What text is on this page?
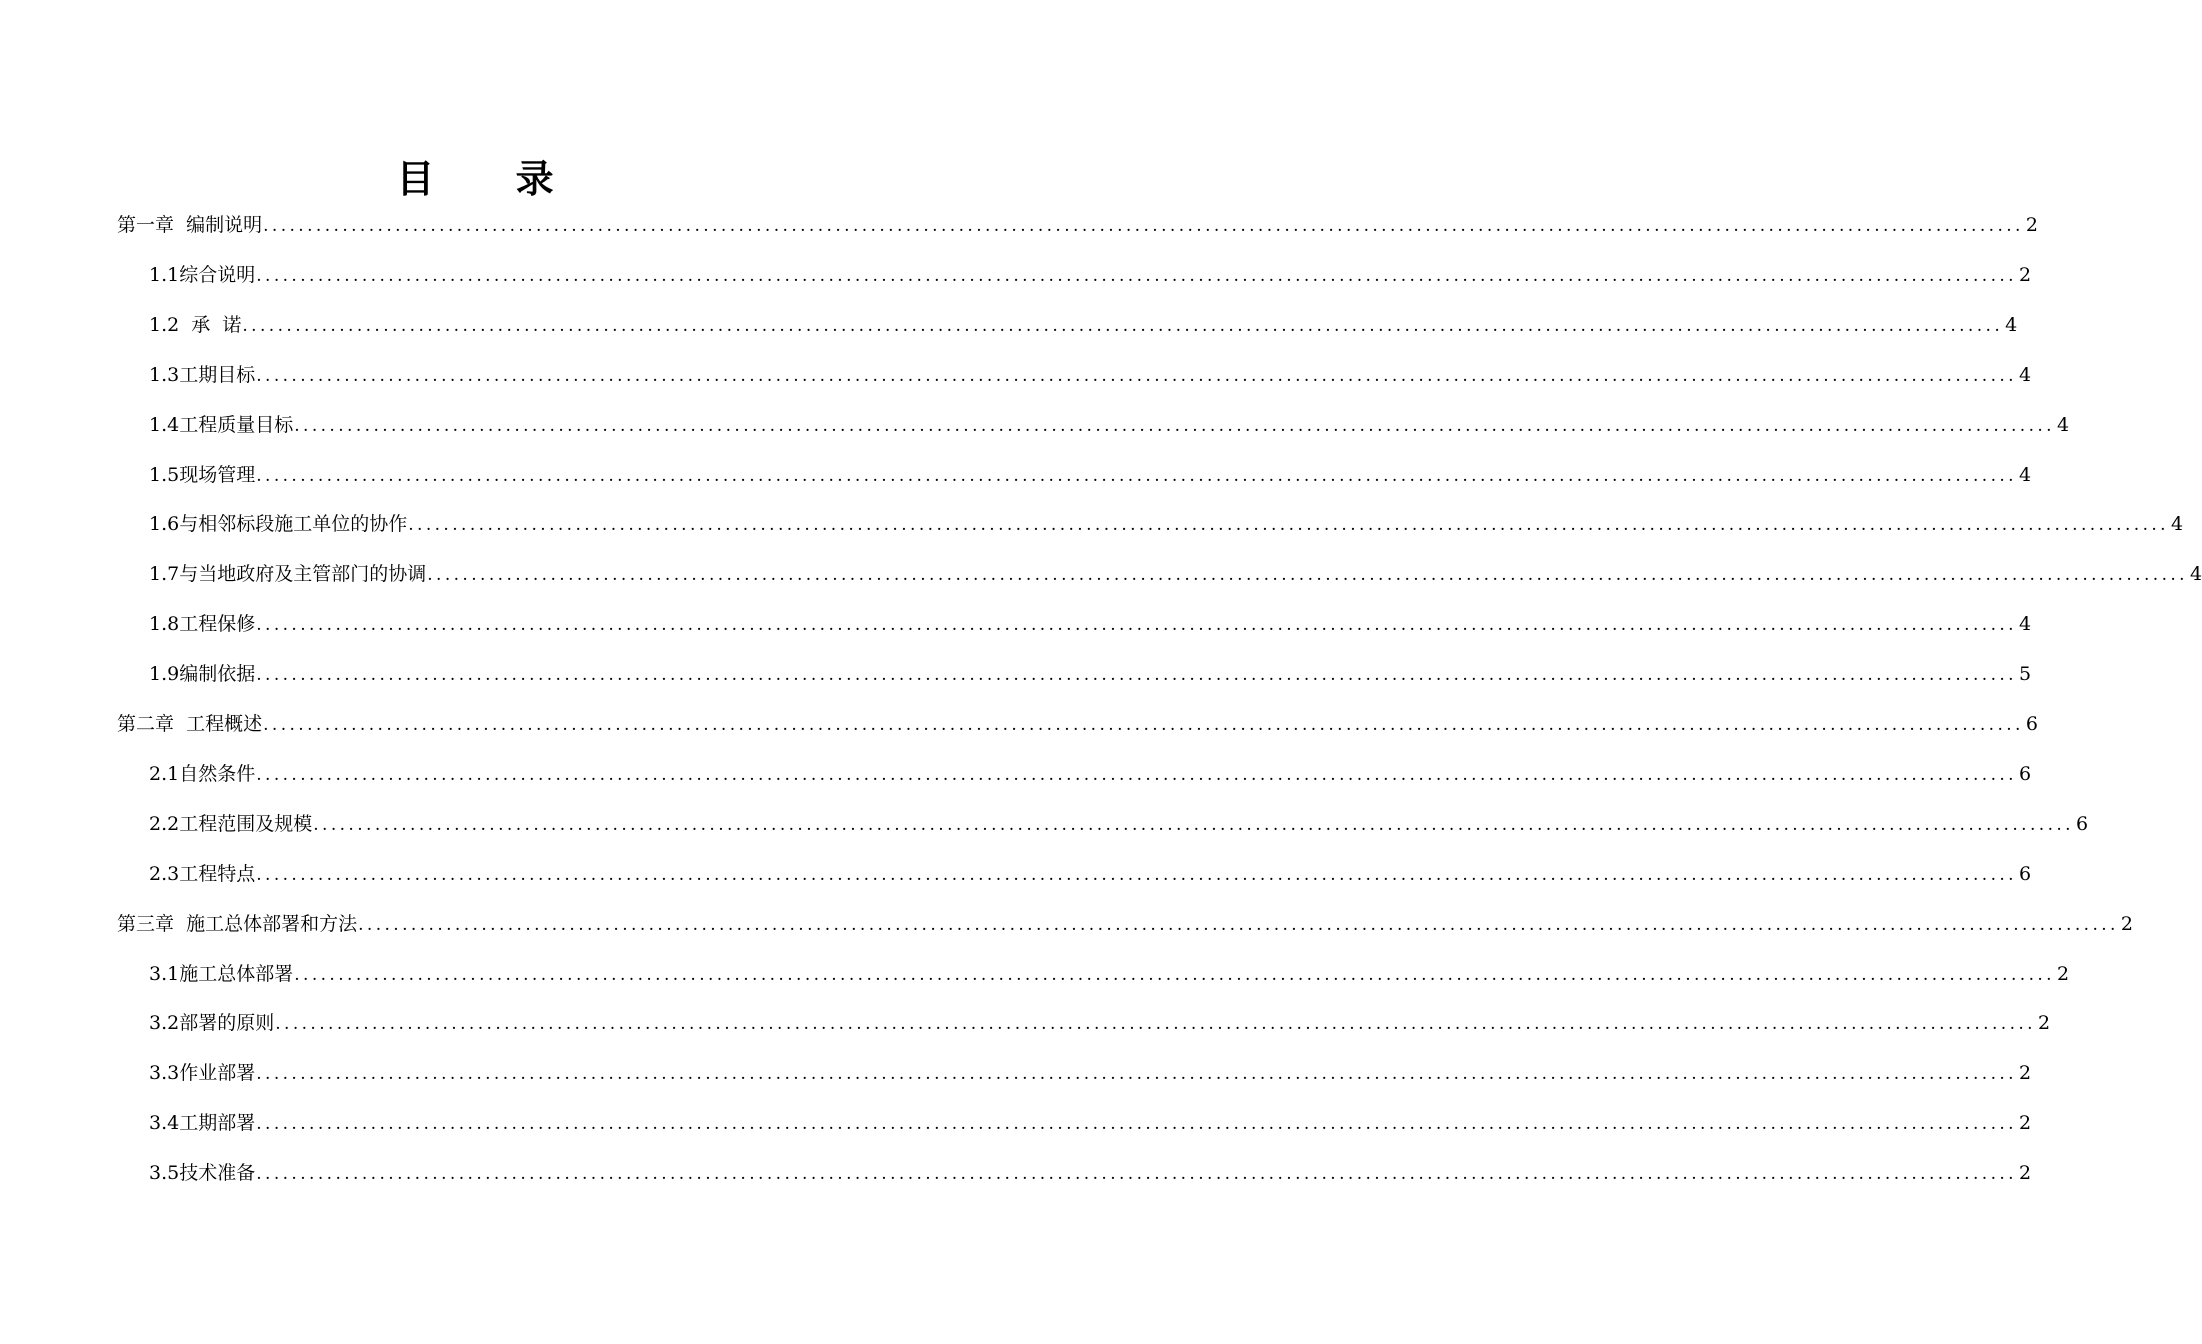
目 录
第一章  编制说明 ........................................................................................................................................................................................................ 2
1.1综合说明 ........................................................................................................................................................................................................ 2
1.2  承  诺 ........................................................................................................................................................................................................ 4
1.3工期目标 ........................................................................................................................................................................................................ 4
1.4工程质量目标 ........................................................................................................................................................................................................ 4
1.5现场管理 ........................................................................................................................................................................................................ 4
1.6与相邻标段施工单位的协作 ........................................................................................................................................................................................................ 4
1.7与当地政府及主管部门的协调 ........................................................................................................................................................................................................ 4
1.8工程保修 ........................................................................................................................................................................................................ 4
1.9编制依据 ........................................................................................................................................................................................................ 5
第二章  工程概述 ........................................................................................................................................................................................................ 6
2.1自然条件 ........................................................................................................................................................................................................ 6
2.2工程范围及规模 ........................................................................................................................................................................................................ 6
2.3工程特点 ........................................................................................................................................................................................................ 6
第三章  施工总体部署和方法 ........................................................................................................................................................................................................ 2
3.1施工总体部署 ........................................................................................................................................................................................................ 2
3.2部署的原则 ........................................................................................................................................................................................................ 2
3.3作业部署 ........................................................................................................................................................................................................ 2
3.4工期部署 ........................................................................................................................................................................................................ 2
3.5技术准备 ........................................................................................................................................................................................................ 2
